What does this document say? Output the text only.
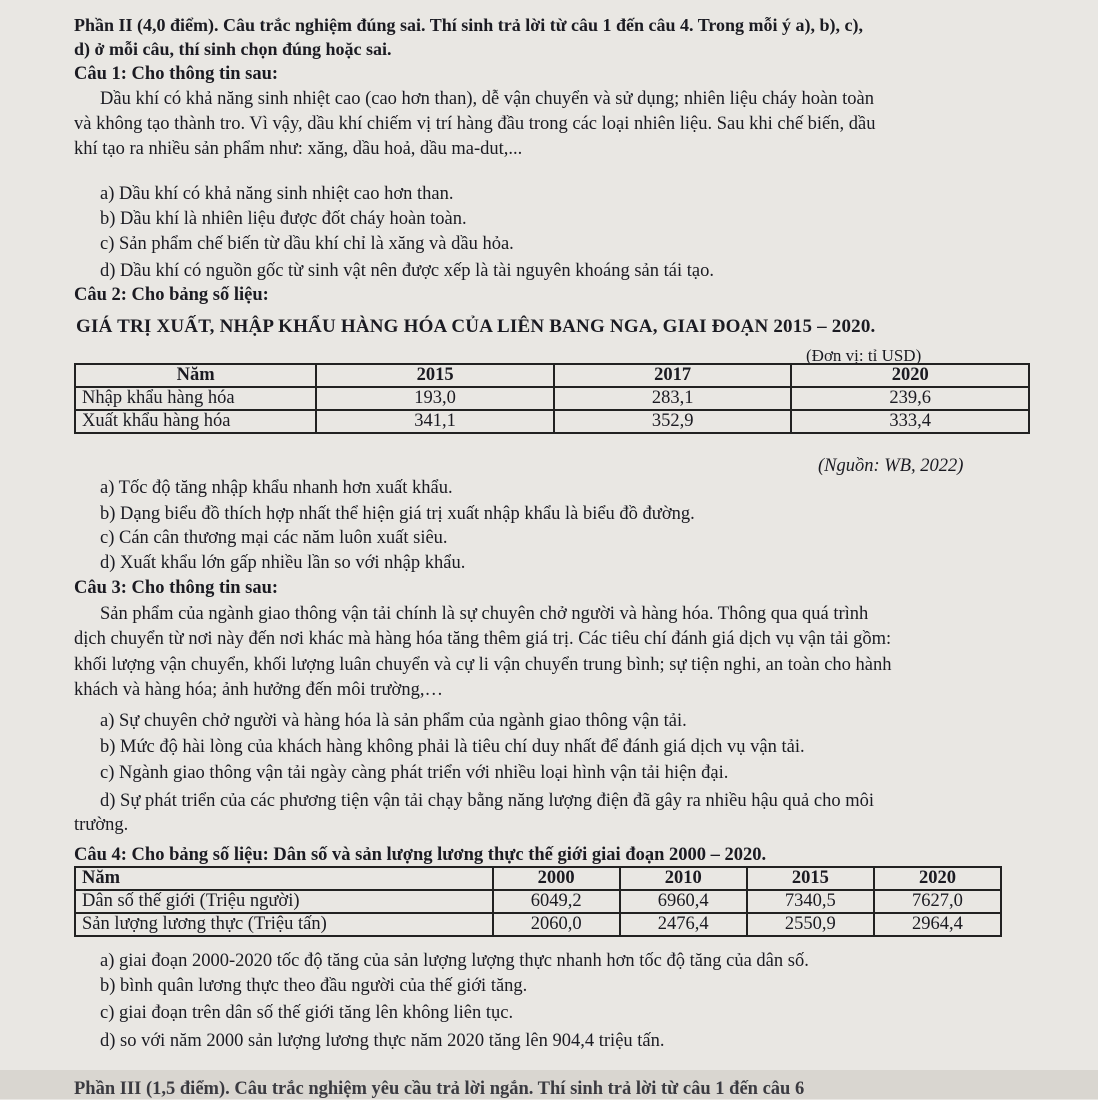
Phần II (4,0 điểm). Câu trắc nghiệm đúng sai. Thí sinh trả lời từ câu 1 đến câu 4. Trong mỗi ý a), b), c),
d) ở mỗi câu, thí sinh chọn đúng hoặc sai.
Câu 1: Cho thông tin sau:
Dầu khí có khả năng sinh nhiệt cao (cao hơn than), dễ vận chuyển và sử dụng; nhiên liệu cháy hoàn toàn
và không tạo thành tro. Vì vậy, dầu khí chiếm vị trí hàng đầu trong các loại nhiên liệu. Sau khi chế biến, dầu
khí tạo ra nhiều sản phẩm như: xăng, dầu hoả, dầu ma-dut,...
a) Dầu khí có khả năng sinh nhiệt cao hơn than.
b) Dầu khí là nhiên liệu được đốt cháy hoàn toàn.
c) Sản phẩm chế biến từ dầu khí chỉ là xăng và dầu hỏa.
d) Dầu khí có nguồn gốc từ sinh vật nên được xếp là tài nguyên khoáng sản tái tạo.
Câu 2: Cho bảng số liệu:
GIÁ TRỊ XUẤT, NHẬP KHẨU HÀNG HÓA CỦA LIÊN BANG NGA, GIAI ĐOẠN 2015 – 2020.
(Đơn vị: tỉ USD)
Năm	2015	2017	2020
Nhập khẩu hàng hóa	193,0	283,1	239,6
Xuất khẩu hàng hóa	341,1	352,9	333,4
(Nguồn: WB, 2022)
a) Tốc độ tăng nhập khẩu nhanh hơn xuất khẩu.
b) Dạng biểu đồ thích hợp nhất thể hiện giá trị xuất nhập khẩu là biểu đồ đường.
c) Cán cân thương mại các năm luôn xuất siêu.
d) Xuất khẩu lớn gấp nhiều lần so với nhập khẩu.
Câu 3: Cho thông tin sau:
Sản phẩm của ngành giao thông vận tải chính là sự chuyên chở người và hàng hóa. Thông qua quá trình
dịch chuyển từ nơi này đến nơi khác mà hàng hóa tăng thêm giá trị. Các tiêu chí đánh giá dịch vụ vận tải gồm:
khối lượng vận chuyển, khối lượng luân chuyển và cự li vận chuyển trung bình; sự tiện nghi, an toàn cho hành
khách và hàng hóa; ảnh hưởng đến môi trường,…
a) Sự chuyên chở người và hàng hóa là sản phẩm của ngành giao thông vận tải.
b) Mức độ hài lòng của khách hàng không phải là tiêu chí duy nhất để đánh giá dịch vụ vận tải.
c) Ngành giao thông vận tải ngày càng phát triển với nhiều loại hình vận tải hiện đại.
d) Sự phát triển của các phương tiện vận tải chạy bằng năng lượng điện đã gây ra nhiều hậu quả cho môi
trường.
Câu 4: Cho bảng số liệu: Dân số và sản lượng lương thực thế giới giai đoạn 2000 – 2020.
Năm	2000	2010	2015	2020
Dân số thế giới (Triệu người)	6049,2	6960,4	7340,5	7627,0
Sản lượng lương thực (Triệu tấn)	2060,0	2476,4	2550,9	2964,4
a) giai đoạn 2000-2020 tốc độ tăng của sản lượng lượng thực nhanh hơn tốc độ tăng của dân số.
b) bình quân lương thực theo đầu người của thế giới tăng.
c) giai đoạn trên dân số thế giới tăng lên không liên tục.
d) so với năm 2000 sản lượng lương thực năm 2020 tăng lên 904,4 triệu tấn.
Phần III (1,5 điểm). Câu trắc nghiệm yêu cầu trả lời ngắn. Thí sinh trả lời từ câu 1 đến câu 6
